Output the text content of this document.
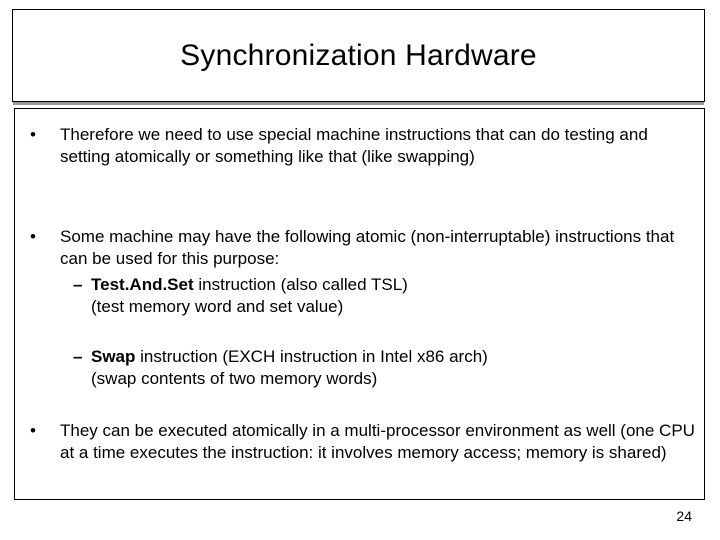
Synchronization Hardware
• Therefore we need to use special machine instructions that can do testing and setting atomically or something like that (like swapping)
• Some machine may have the following atomic (non-interruptable) instructions that can be used for this purpose:
– Test.And.Set instruction (also called TSL)
(test memory word and set value)
– Swap instruction (EXCH instruction in Intel x86 arch)
(swap contents of two memory words)
• They can be executed atomically in a multi-processor environment as well (one CPU at a time executes the instruction: it involves memory access; memory is shared)
24
